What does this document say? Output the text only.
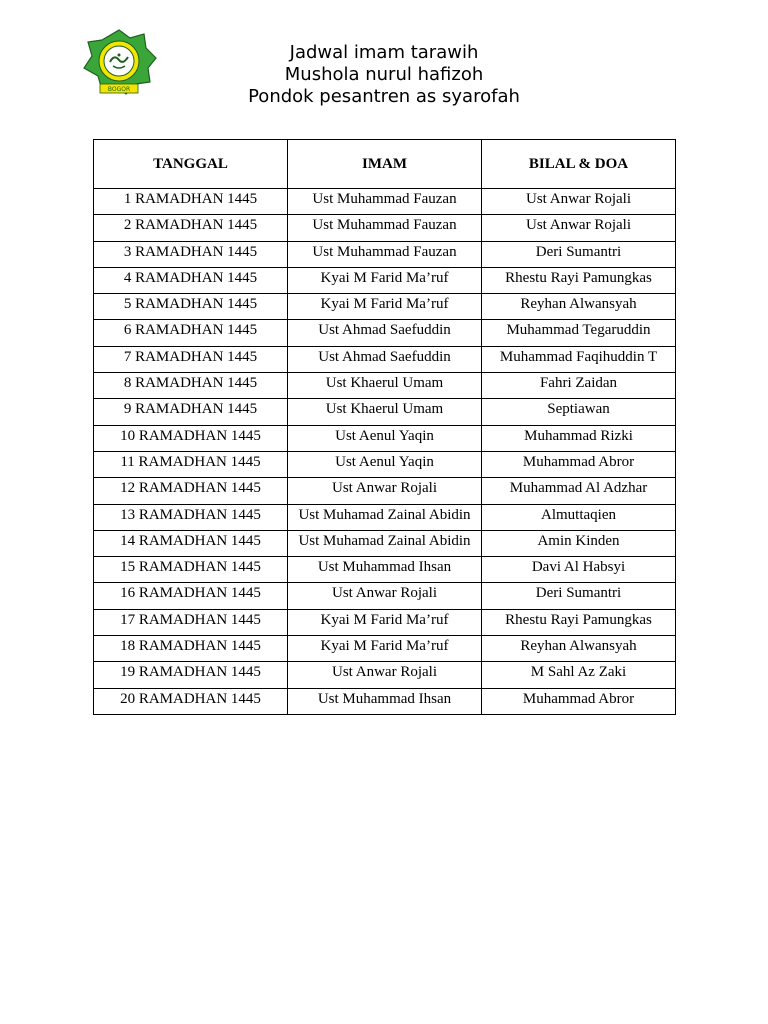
BOGOR
Jadwal imam tarawih
Mushola nurul hafizoh
Pondok pesantren as syarofah
TANGGAL	IMAM	BILAL & DOA
1 RAMADHAN 1445	Ust Muhammad Fauzan	Ust Anwar Rojali
2 RAMADHAN 1445	Ust Muhammad Fauzan	Ust Anwar Rojali
3 RAMADHAN 1445	Ust Muhammad Fauzan	Deri Sumantri
4 RAMADHAN 1445	Kyai M Farid Ma’ruf	Rhestu Rayi Pamungkas
5 RAMADHAN 1445	Kyai M Farid Ma’ruf	Reyhan Alwansyah
6 RAMADHAN 1445	Ust Ahmad Saefuddin	Muhammad Tegaruddin
7 RAMADHAN 1445	Ust Ahmad Saefuddin	Muhammad Faqihuddin T
8 RAMADHAN 1445	Ust Khaerul Umam	Fahri Zaidan
9 RAMADHAN 1445	Ust Khaerul Umam	Septiawan
10 RAMADHAN 1445	Ust Aenul Yaqin	Muhammad Rizki
11 RAMADHAN 1445	Ust Aenul Yaqin	Muhammad Abror
12 RAMADHAN 1445	Ust Anwar Rojali	Muhammad Al Adzhar
13 RAMADHAN 1445	Ust Muhamad Zainal Abidin	Almuttaqien
14 RAMADHAN 1445	Ust Muhamad Zainal Abidin	Amin Kinden
15 RAMADHAN 1445	Ust Muhammad Ihsan	Davi Al Habsyi
16 RAMADHAN 1445	Ust Anwar Rojali	Deri Sumantri
17 RAMADHAN 1445	Kyai M Farid Ma’ruf	Rhestu Rayi Pamungkas
18 RAMADHAN 1445	Kyai M Farid Ma’ruf	Reyhan Alwansyah
19 RAMADHAN 1445	Ust Anwar Rojali	M Sahl Az Zaki
20 RAMADHAN 1445	Ust Muhammad Ihsan	Muhammad Abror
